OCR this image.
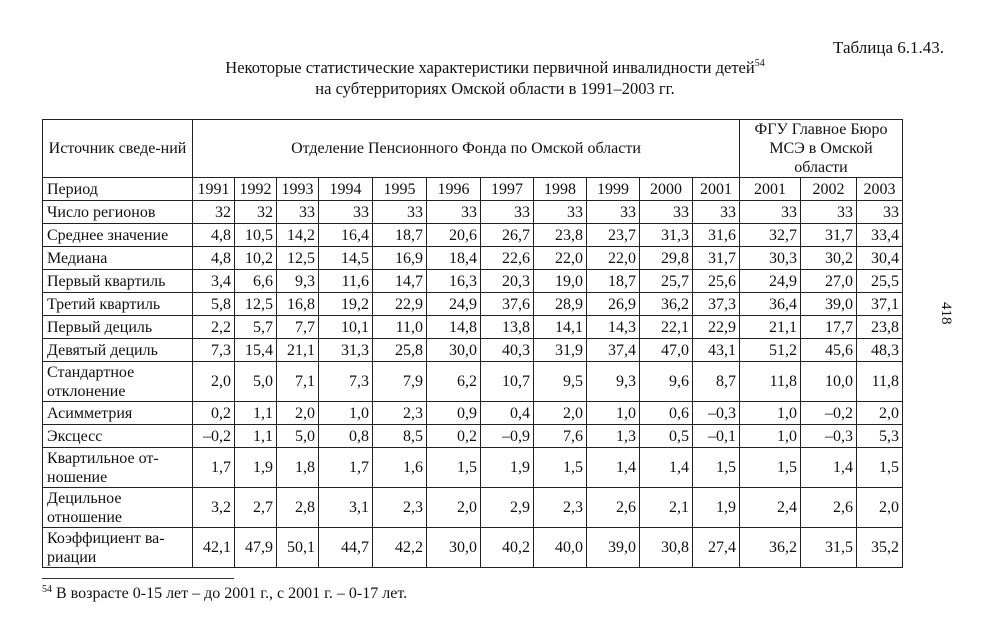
Таблица 6.1.43.
Некоторые статистические характеристики первичной инвалидности детей$^{54}$
на субтерриториях Омской области в 1991–2003 гг.
418
Источник сведе-ний	Отделение Пенсионного Фонда по Омской области											ФГУ Главное Бюро МСЭ в Омской области		
Период	1991	1992	1993	1994	1995	1996	1997	1998	1999	2000	2001	2001	2002	2003
Число регионов	32	32	33	33	33	33	33	33	33	33	33	33	33	33
Среднее значение	4,8	10,5	14,2	16,4	18,7	20,6	26,7	23,8	23,7	31,3	31,6	32,7	31,7	33,4
Медиана	4,8	10,2	12,5	14,5	16,9	18,4	22,6	22,0	22,0	29,8	31,7	30,3	30,2	30,4
Первый квартиль	3,4	6,6	9,3	11,6	14,7	16,3	20,3	19,0	18,7	25,7	25,6	24,9	27,0	25,5
Третий квартиль	5,8	12,5	16,8	19,2	22,9	24,9	37,6	28,9	26,9	36,2	37,3	36,4	39,0	37,1
Первый дециль	2,2	5,7	7,7	10,1	11,0	14,8	13,8	14,1	14,3	22,1	22,9	21,1	17,7	23,8
Девятый дециль	7,3	15,4	21,1	31,3	25,8	30,0	40,3	31,9	37,4	47,0	43,1	51,2	45,6	48,3
Стандартное отклонение	2,0	5,0	7,1	7,3	7,9	6,2	10,7	9,5	9,3	9,6	8,7	11,8	10,0	11,8
Асимметрия	0,2	1,1	2,0	1,0	2,3	0,9	0,4	2,0	1,0	0,6	–0,3	1,0	–0,2	2,0
Эксцесс	–0,2	1,1	5,0	0,8	8,5	0,2	–0,9	7,6	1,3	0,5	–0,1	1,0	–0,3	5,3
Квартильное от-ношение	1,7	1,9	1,8	1,7	1,6	1,5	1,9	1,5	1,4	1,4	1,5	1,5	1,4	1,5
Децильное отношение	3,2	2,7	2,8	3,1	2,3	2,0	2,9	2,3	2,6	2,1	1,9	2,4	2,6	2,0
Коэффициент ва-риации	42,1	47,9	50,1	44,7	42,2	30,0	40,2	40,0	39,0	30,8	27,4	36,2	31,5	35,2
$^{54}$ В возрасте 0-15 лет – до 2001 г., с 2001 г. – 0-17 лет.
